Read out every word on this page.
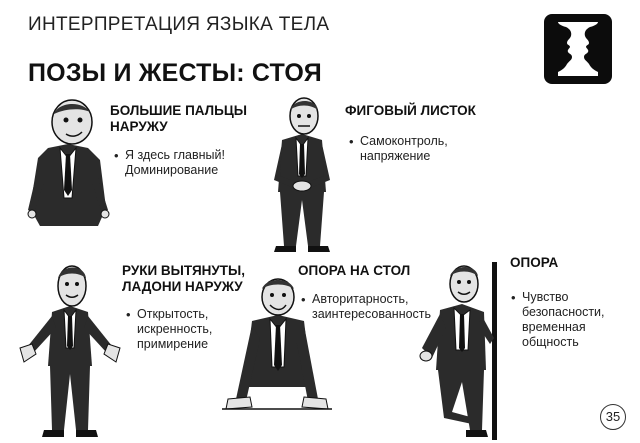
ИНТЕРПРЕТАЦИЯ ЯЗЫКА ТЕЛА
ПОЗЫ И ЖЕСТЫ: СТОЯ
БОЛЬШИЕ ПАЛЬЦЫ
НАРУЖУ
• Я здесь главный!
Доминирование
ФИГОВЫЙ ЛИСТОК
• Самоконтроль,
напряжение
РУКИ ВЫТЯНУТЫ,
ЛАДОНИ НАРУЖУ
• Открытость,
искренность,
примирение
ОПОРА НА СТОЛ
• Авторитарность,
заинтересованность
ОПОРА
• Чувство
безопасности,
временная
общность
35
